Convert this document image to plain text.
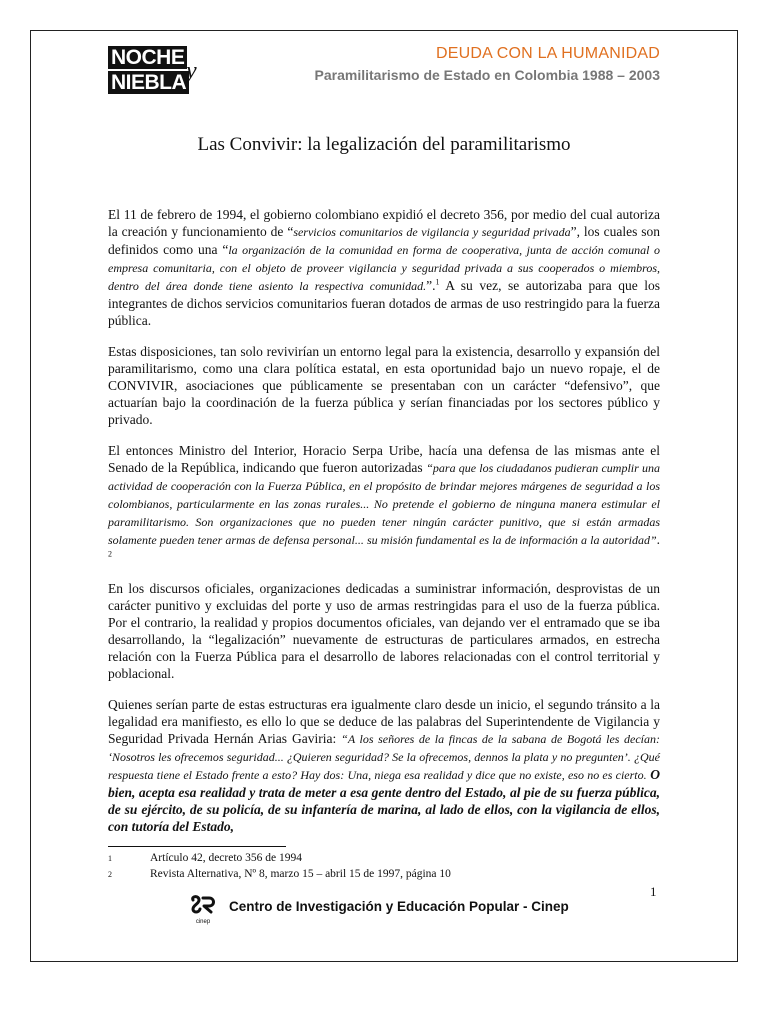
NOCHE
NIEBLA y
DEUDA CON LA HUMANIDAD
Paramilitarismo de Estado en Colombia 1988 – 2003
Las Convivir: la legalización del paramilitarismo

El 11 de febrero de 1994, el gobierno colombiano expidió el decreto 356, por medio del cual autoriza la creación y funcionamiento de “servicios comunitarios de vigilancia y seguridad privada”, los cuales son definidos como una “la organización de la comunidad en forma de cooperativa, junta de acción comunal o empresa comunitaria, con el objeto de proveer vigilancia y seguridad privada a sus cooperados o miembros, dentro del área donde tiene asiento la respectiva comunidad.”.$^1$ A su vez, se autorizaba para que los integrantes de dichos servicios comunitarios fueran dotados de armas de uso restringido para la fuerza pública.

Estas disposiciones, tan solo revivirían un entorno legal para la existencia, desarrollo y expansión del paramilitarismo, como una clara política estatal, en esta oportunidad bajo un nuevo ropaje, el de CONVIVIR, asociaciones que públicamente se presentaban con un carácter “defensivo”, que actuarían bajo la coordinación de la fuerza pública y serían financiadas por los sectores público y privado.

El entonces Ministro del Interior, Horacio Serpa Uribe, hacía una defensa de las mismas ante el Senado de la República, indicando que fueron autorizadas “para que los ciudadanos pudieran cumplir una actividad de cooperación con la Fuerza Pública, en el propósito de brindar mejores márgenes de seguridad a los colombianos, particularmente en las zonas rurales... No pretende el gobierno de ninguna manera estimular el paramilitarismo. Son organizaciones que no pueden tener ningún carácter punitivo, que si están armadas solamente pueden tener armas de defensa personal... su misión fundamental es la de información a la autoridad”. $^2$

En los discursos oficiales, organizaciones dedicadas a suministrar información, desprovistas de un carácter punitivo y excluidas del porte y uso de armas restringidas para el uso de la fuerza pública. Por el contrario, la realidad y propios documentos oficiales, van dejando ver el entramado que se iba desarrollando, la “legalización” nuevamente de estructuras de particulares armados, en estrecha relación con la Fuerza Pública para el desarrollo de labores relacionadas con el control territorial y poblacional.

Quienes serían parte de estas estructuras era igualmente claro desde un inicio, el segundo tránsito a la legalidad era manifiesto, es ello lo que se deduce de las palabras del Superintendente de Vigilancia y Seguridad Privada Hernán Arias Gaviria: “A los señores de la fincas de la sabana de Bogotá les decían: ‘Nosotros les ofrecemos seguridad... ¿Quieren seguridad? Se la ofrecemos, dennos la plata y no pregunten’. ¿Qué respuesta tiene el Estado frente a esto? Hay dos: Una, niega esa realidad y dice que no existe, eso no es cierto. O bien, acepta esa realidad y trata de meter a esa gente dentro del Estado, al pie de su fuerza pública, de su ejército, de su policía, de su infantería de marina, al lado de ellos, con la vigilancia de ellos, con tutoría del Estado,

1	Artículo 42, decreto 356 de 1994
2	Revista Alternativa, Nº 8, marzo 15 – abril 15 de 1997, página 10
1
cinep
Centro de Investigación y Educación Popular - Cinep
